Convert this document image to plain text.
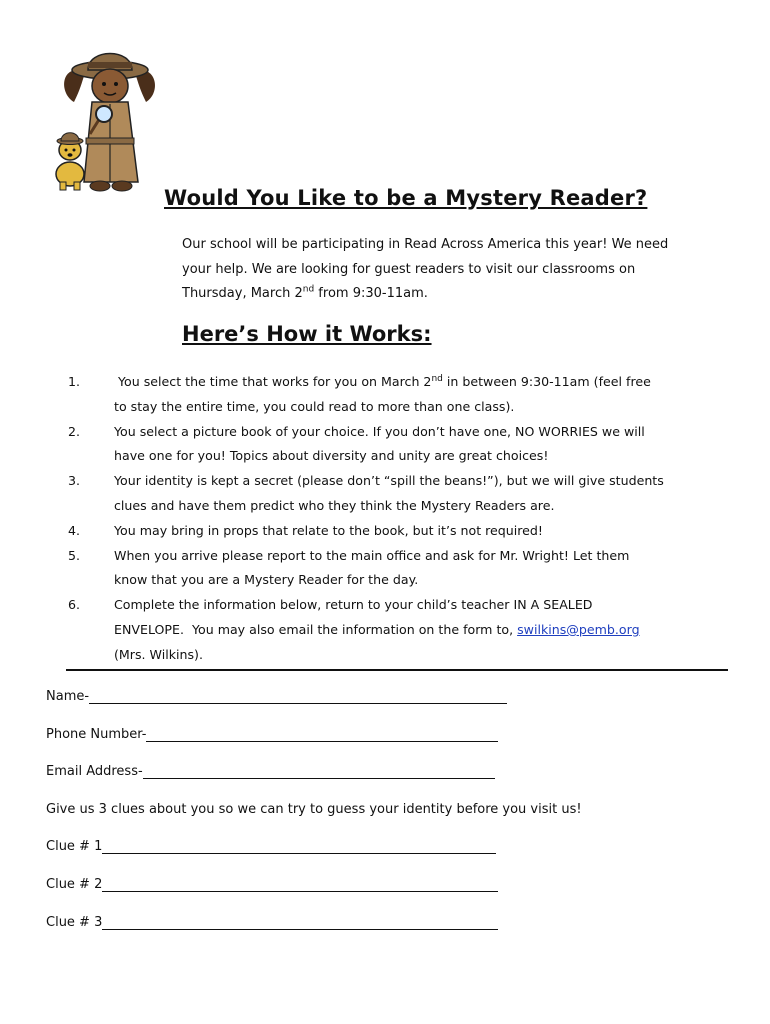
Would You Like to be a Mystery Reader?

Our school will be participating in Read Across America this year! We need

your help. We are looking for guest readers to visit our classrooms on

Thursday, March 2nd from 9:30-11am.

Here’s How it Works:
1.	You select the time that works for you on March 2nd in between 9:30-11am (feel free
to stay the entire time, you could read to more than one class).
2.	You select a picture book of your choice. If you don’t have one, NO WORRIES we will
have one for you! Topics about diversity and unity are great choices!
3.	Your identity is kept a secret (please don’t “spill the beans!”), but we will give students
clues and have them predict who they think the Mystery Readers are.
4.	You may bring in props that relate to the book, but it’s not required!
5.	When you arrive please report to the main office and ask for Mr. Wright! Let them
know that you are a Mystery Reader for the day.
6.	Complete the information below, return to your child’s teacher IN A SEALED
ENVELOPE.  You may also email the information on the form to, swilkins@pemb.org
(Mrs. Wilkins).
Name-
Phone Number-
Email Address-
Give us 3 clues about you so we can try to guess your identity before you visit us!
Clue # 1
Clue # 2
Clue # 3
